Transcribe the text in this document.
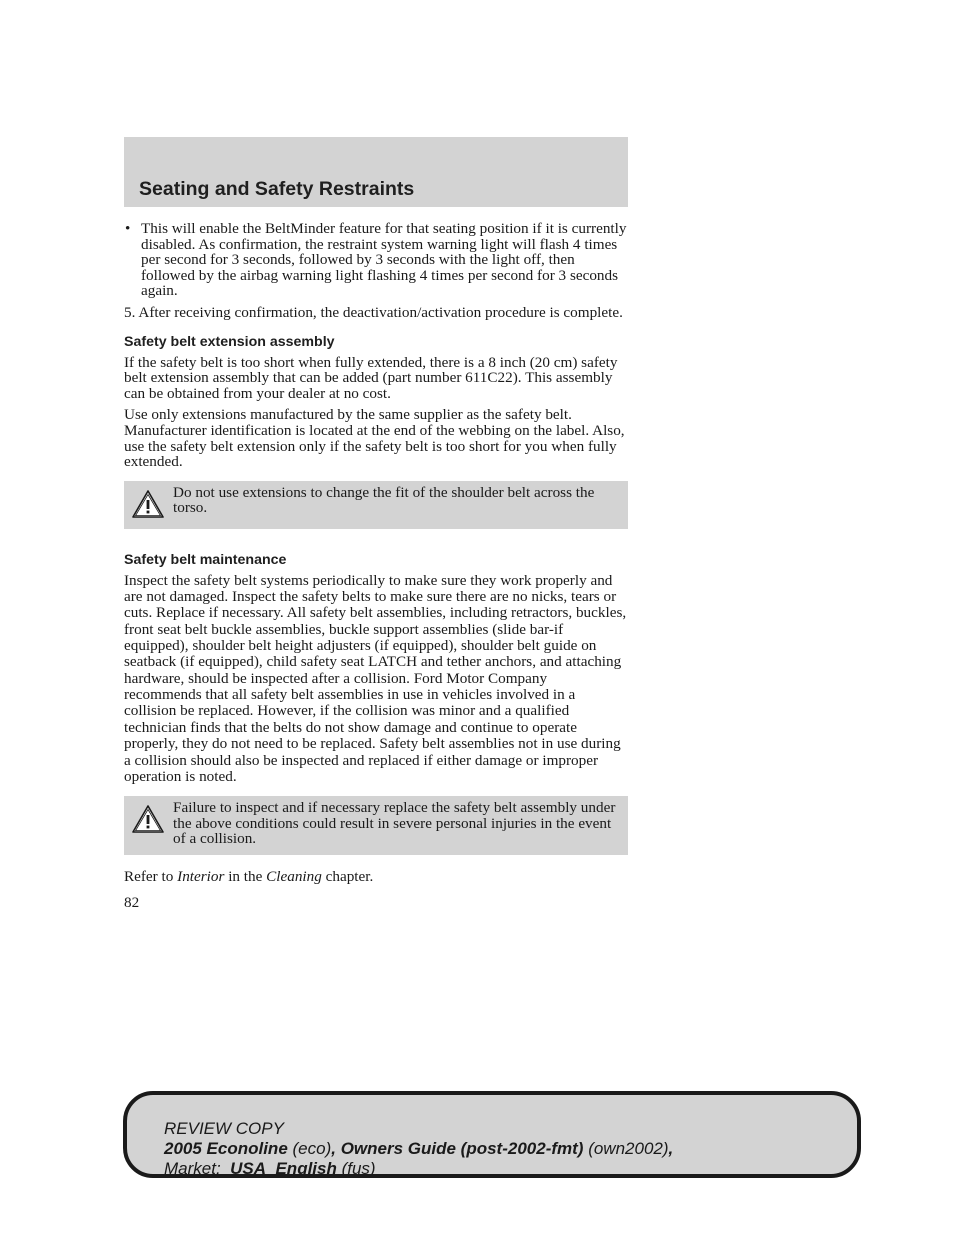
Seating and Safety Restraints
• This will enable the BeltMinder feature for that seating position if it is currently disabled. As confirmation, the restraint system warning light will flash 4 times per second for 3 seconds, followed by 3 seconds with the light off, then followed by the airbag warning light flashing 4 times per second for 3 seconds again.

5. After receiving confirmation, the deactivation/activation procedure is complete.

Safety belt extension assembly

If the safety belt is too short when fully extended, there is a 8 inch (20 cm) safety belt extension assembly that can be added (part number 611C22). This assembly can be obtained from your dealer at no cost.

Use only extensions manufactured by the same supplier as the safety belt. Manufacturer identification is located at the end of the webbing on the label. Also, use the safety belt extension only if the safety belt is too short for you when fully extended.

Do not use extensions to change the fit of the shoulder belt across the torso.
Safety belt maintenance

Inspect the safety belt systems periodically to make sure they work properly and are not damaged. Inspect the safety belts to make sure there are no nicks, tears or cuts. Replace if necessary. All safety belt assemblies, including retractors, buckles, front seat belt buckle assemblies, buckle support assemblies (slide bar-if equipped), shoulder belt height adjusters (if equipped), shoulder belt guide on seatback (if equipped), child safety seat LATCH and tether anchors, and attaching hardware, should be inspected after a collision. Ford Motor Company recommends that all safety belt assemblies in use in vehicles involved in a collision be replaced. However, if the collision was minor and a qualified technician finds that the belts do not show damage and continue to operate properly, they do not need to be replaced. Safety belt assemblies not in use during a collision should also be inspected and replaced if either damage or improper operation is noted.

Failure to inspect and if necessary replace the safety belt assembly under the above conditions could result in severe personal injuries in the event of a collision.

Refer to Interior in the Cleaning chapter.

82

REVIEW COPY
2005 Econoline (eco), Owners Guide (post-2002-fmt) (own2002),
Market:  USA_English (fus)
